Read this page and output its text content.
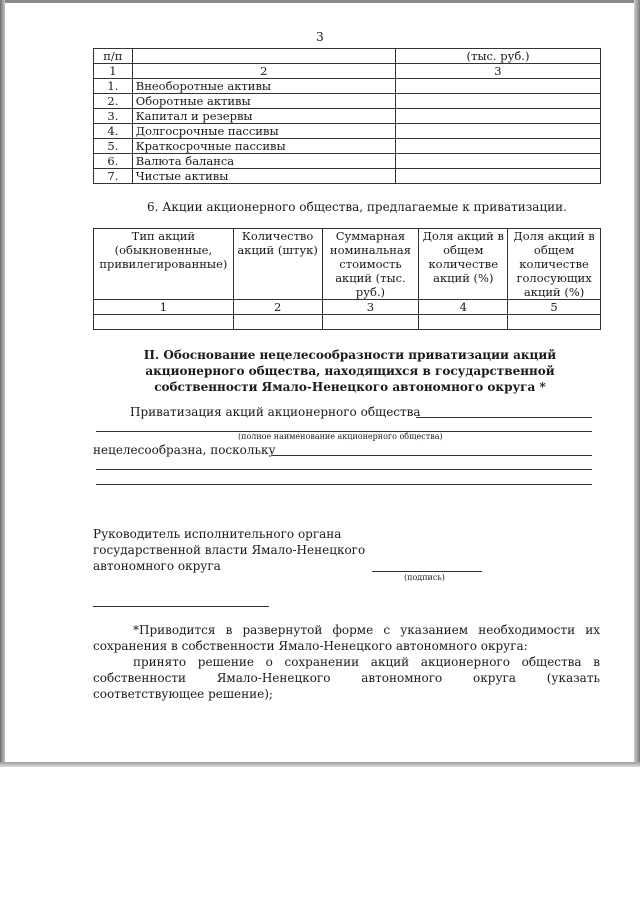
3
п/п		(тыс. руб.)
1	2	3
1.	Внеоборотные активы	
2.	Оборотные активы	
3.	Капитал и резервы	
4.	Долгосрочные пассивы	
5.	Краткосрочные пассивы	
6.	Валюта баланса	
7.	Чистые активы	
6. Акции акционерного общества, предлагаемые к приватизации.
Тип акций (обыкновенные, привилегированные)	Количество акций (штук)	Суммарная номинальная стоимость акций (тыс. руб.)	Доля акций в общем количестве акций (%)	Доля акций в общем количестве голосующих акций (%)
1	2	3	4	5

II. Обоснование нецелесообразности приватизации акций акционерного общества, находящихся в государственной собственности Ямало-Ненецкого автономного округа *
Приватизация акций акционерного общества
(полное наименование акционерного общества)
нецелесообразна, поскольку
Руководитель исполнительного органа
государственной власти Ямало-Ненецкого
автономного округа
(подпись)
*Приводится в развернутой форме с указанием необходимости их сохранения в собственности Ямало-Ненецкого автономного округа:
принято решение о сохранении акций акционерного общества в собственности Ямало-Ненецкого автономного округа (указать соответствующее решение);
